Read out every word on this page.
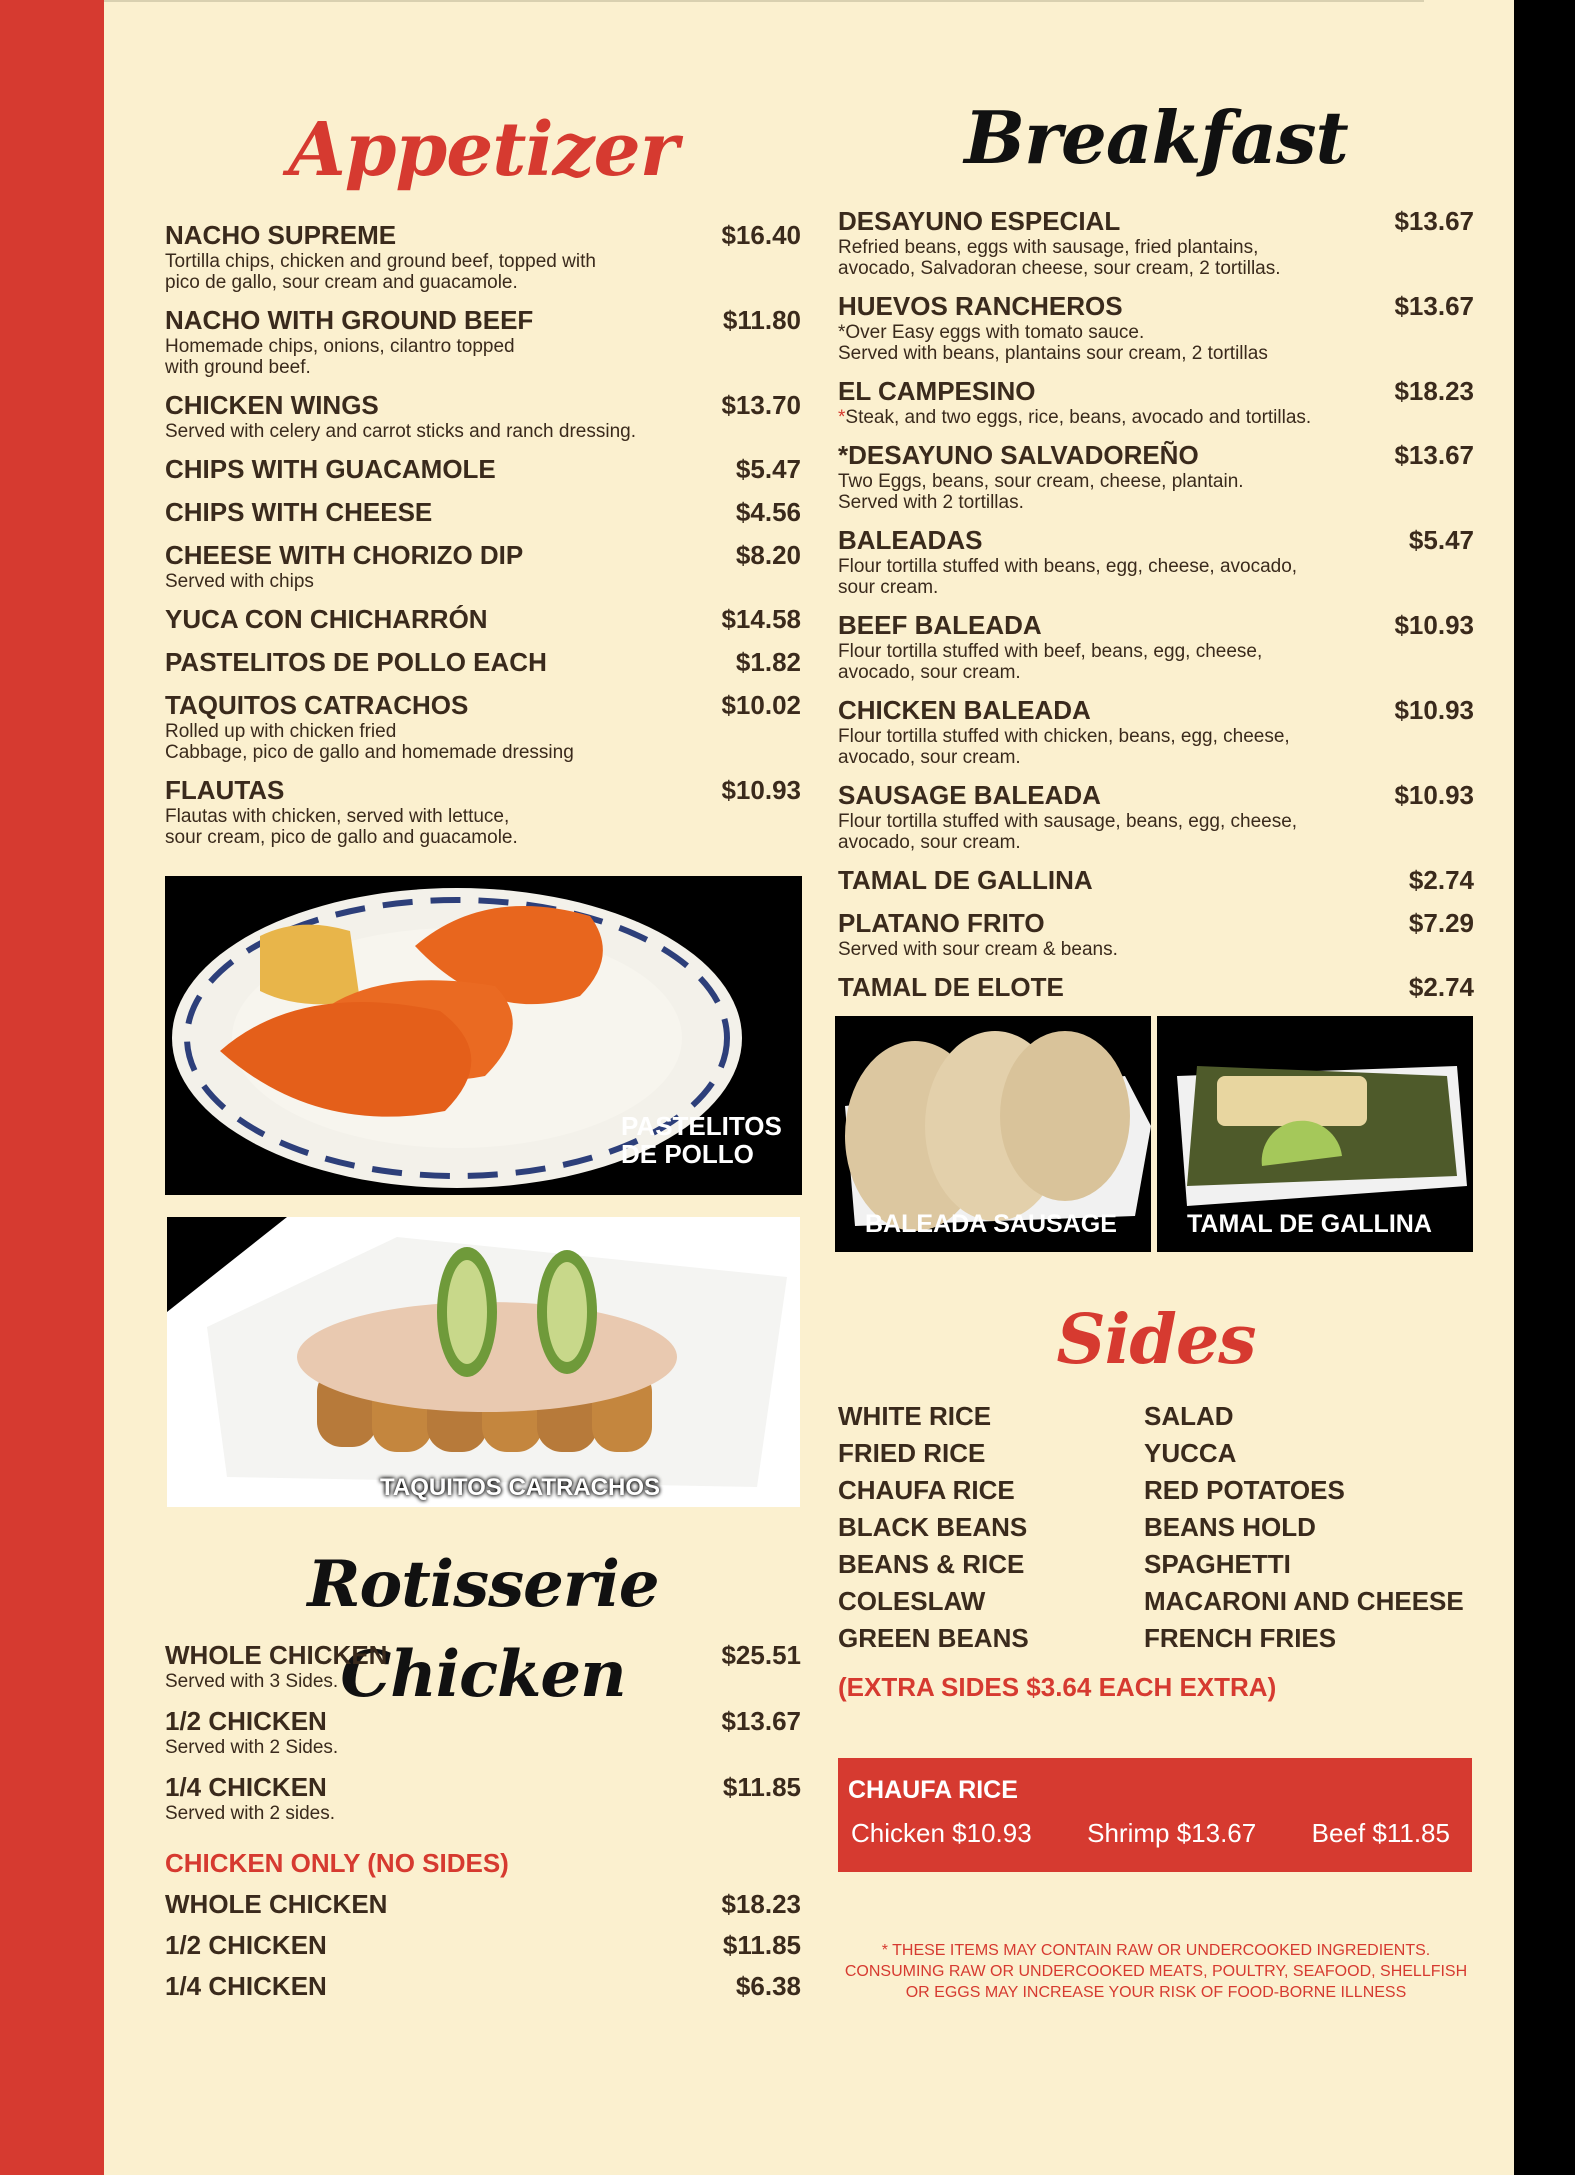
Appetizer
NACHO SUPREME	$16.40
Tortilla chips, chicken and ground beef, topped with
pico de gallo, sour cream and guacamole.
NACHO WITH GROUND BEEF	$11.80
Homemade chips, onions, cilantro topped
with ground beef.
CHICKEN WINGS	$13.70
Served with celery and carrot sticks and ranch dressing.
CHIPS WITH GUACAMOLE	$5.47
CHIPS WITH CHEESE	$4.56
CHEESE WITH CHORIZO DIP	$8.20
Served with chips
YUCA CON CHICHARRÓN	$14.58
PASTELITOS DE POLLO EACH	$1.82
TAQUITOS CATRACHOS	$10.02
Rolled up with chicken fried
Cabbage, pico de gallo and homemade dressing
FLAUTAS	$10.93
Flautas with chicken, served with lettuce,
sour cream, pico de gallo and guacamole.
PASTELITOS
DE POLLO
TAQUITOS CATRACHOS
Rotisserie Chicken
WHOLE CHICKEN	$25.51
Served with 3 Sides.
1/2 CHICKEN	$13.67
Served with 2 Sides.
1/4 CHICKEN	$11.85
Served with 2 sides.
CHICKEN ONLY (NO SIDES)
WHOLE CHICKEN	$18.23
1/2 CHICKEN	$11.85
1/4 CHICKEN	$6.38
Breakfast
DESAYUNO ESPECIAL	$13.67
Refried beans, eggs with sausage, fried plantains,
avocado, Salvadoran cheese, sour cream, 2 tortillas.
HUEVOS RANCHEROS	$13.67
*Over Easy eggs with tomato sauce.
Served with beans, plantains sour cream, 2 tortillas
EL CAMPESINO	$18.23
*Steak, and two eggs, rice, beans, avocado and tortillas.
*DESAYUNO SALVADOREÑO	$13.67
Two Eggs, beans, sour cream, cheese, plantain.
Served with 2 tortillas.
BALEADAS	$5.47
Flour tortilla stuffed with beans, egg, cheese, avocado,
sour cream.
BEEF BALEADA	$10.93
Flour tortilla stuffed with beef, beans, egg, cheese,
avocado, sour cream.
CHICKEN BALEADA	$10.93
Flour tortilla stuffed with chicken, beans, egg, cheese,
avocado, sour cream.
SAUSAGE BALEADA	$10.93
Flour tortilla stuffed with sausage, beans, egg, cheese,
avocado, sour cream.
TAMAL DE GALLINA	$2.74
PLATANO FRITO	$7.29
Served with sour cream & beans.
TAMAL DE ELOTE	$2.74
BALEADA SAUSAGE	TAMAL DE GALLINA
Sides
WHITE RICE	SALAD
FRIED RICE	YUCCA
CHAUFA RICE	RED POTATOES
BLACK BEANS	BEANS HOLD
BEANS & RICE	SPAGHETTI
COLESLAW	MACARONI AND CHEESE
GREEN BEANS	FRENCH FRIES
(EXTRA SIDES $3.64 EACH EXTRA)
CHAUFA RICE
Chicken $10.93 Shrimp $13.67 Beef $11.85
* THESE ITEMS MAY CONTAIN RAW OR UNDERCOOKED INGREDIENTS.
CONSUMING RAW OR UNDERCOOKED MEATS, POULTRY, SEAFOOD, SHELLFISH
OR EGGS MAY INCREASE YOUR RISK OF FOOD-BORNE ILLNESS
